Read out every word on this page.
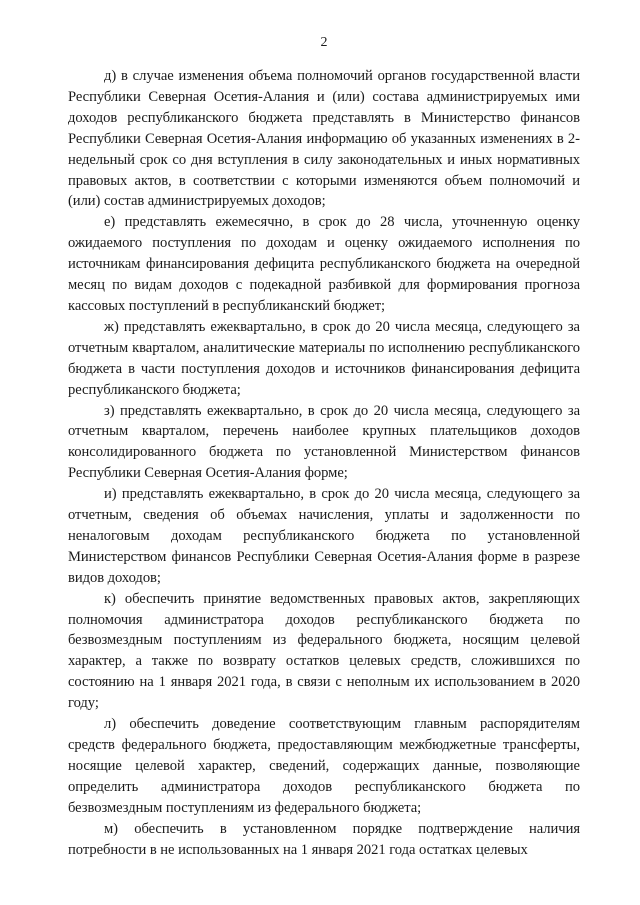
2

д) в случае изменения объема полномочий органов государственной власти Республики Северная Осетия-Алания и (или) состава администрируемых ими доходов республиканского бюджета представлять в Министерство финансов Республики Северная Осетия-Алания информацию об указанных изменениях в 2-недельный срок со дня вступления в силу законодательных и иных нормативных правовых актов, в соответствии с которыми изменяются объем полномочий и (или) состав администрируемых доходов;

е) представлять ежемесячно, в срок до 28 числа, уточненную оценку ожидаемого поступления по доходам и оценку ожидаемого исполнения по источникам финансирования дефицита республиканского бюджета на очередной месяц по видам доходов с подекадной разбивкой для формирования прогноза кассовых поступлений в республиканский бюджет;

ж) представлять ежеквартально, в срок до 20 числа месяца, следующего за отчетным кварталом, аналитические материалы по исполнению республиканского бюджета в части поступления доходов и источников финансирования дефицита республиканского бюджета;

з) представлять ежеквартально, в срок до 20 числа месяца, следующего за отчетным кварталом, перечень наиболее крупных плательщиков доходов консолидированного бюджета по установленной Министерством финансов Республики Северная Осетия-Алания форме;

и) представлять ежеквартально, в срок до 20 числа месяца, следующего за отчетным, сведения об объемах начисления, уплаты и задолженности по неналоговым доходам республиканского бюджета по установленной Министерством финансов Республики Северная Осетия-Алания форме в разрезе видов доходов;

к) обеспечить принятие ведомственных правовых актов, закрепляющих полномочия администратора доходов республиканского бюджета по безвозмездным поступлениям из федерального бюджета, носящим целевой характер, а также по возврату остатков целевых средств, сложившихся по состоянию на 1 января 2021 года, в связи с неполным их использованием в 2020 году;

л) обеспечить доведение соответствующим главным распорядителям средств федерального бюджета, предоставляющим межбюджетные трансферты, носящие целевой характер, сведений, содержащих данные, позволяющие определить администратора доходов республиканского бюджета по безвозмездным поступлениям из федерального бюджета;

м) обеспечить в установленном порядке подтверждение наличия потребности в не использованных на 1 января 2021 года остатках целевых
